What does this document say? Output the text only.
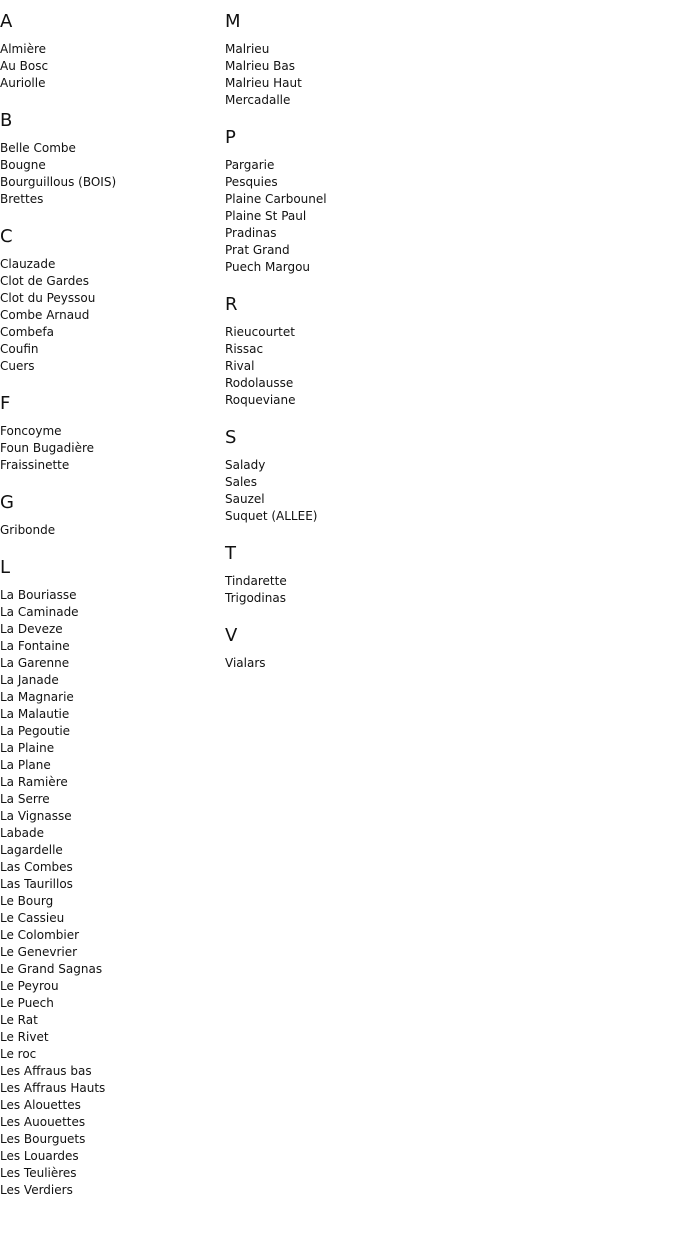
A
Almière
Au Bosc
Auriolle
B
Belle Combe
Bougne
Bourguillous (BOIS)
Brettes
C
Clauzade
Clot de Gardes
Clot du Peyssou
Combe Arnaud
Combefa
Coufin
Cuers
F
Foncoyme
Foun Bugadière
Fraissinette
G
Gribonde
L
La Bouriasse
La Caminade
La Deveze
La Fontaine
La Garenne
La Janade
La Magnarie
La Malautie
La Pegoutie
La Plaine
La Plane
La Ramière
La Serre
La Vignasse
Labade
Lagardelle
Las Combes
Las Taurillos
Le Bourg
Le Cassieu
Le Colombier
Le Genevrier
Le Grand Sagnas
Le Peyrou
Le Puech
Le Rat
Le Rivet
Le roc
Les Affraus bas
Les Affraus Hauts
Les Alouettes
Les Auouettes
Les Bourguets
Les Louardes
Les Teulières
Les Verdiers
M
Malrieu
Malrieu Bas
Malrieu Haut
Mercadalle
P
Pargarie
Pesquies
Plaine Carbounel
Plaine St Paul
Pradinas
Prat Grand
Puech Margou
R
Rieucourtet
Rissac
Rival
Rodolausse
Roqueviane
S
Salady
Sales
Sauzel
Suquet (ALLEE)
T
Tindarette
Trigodinas
V
Vialars
